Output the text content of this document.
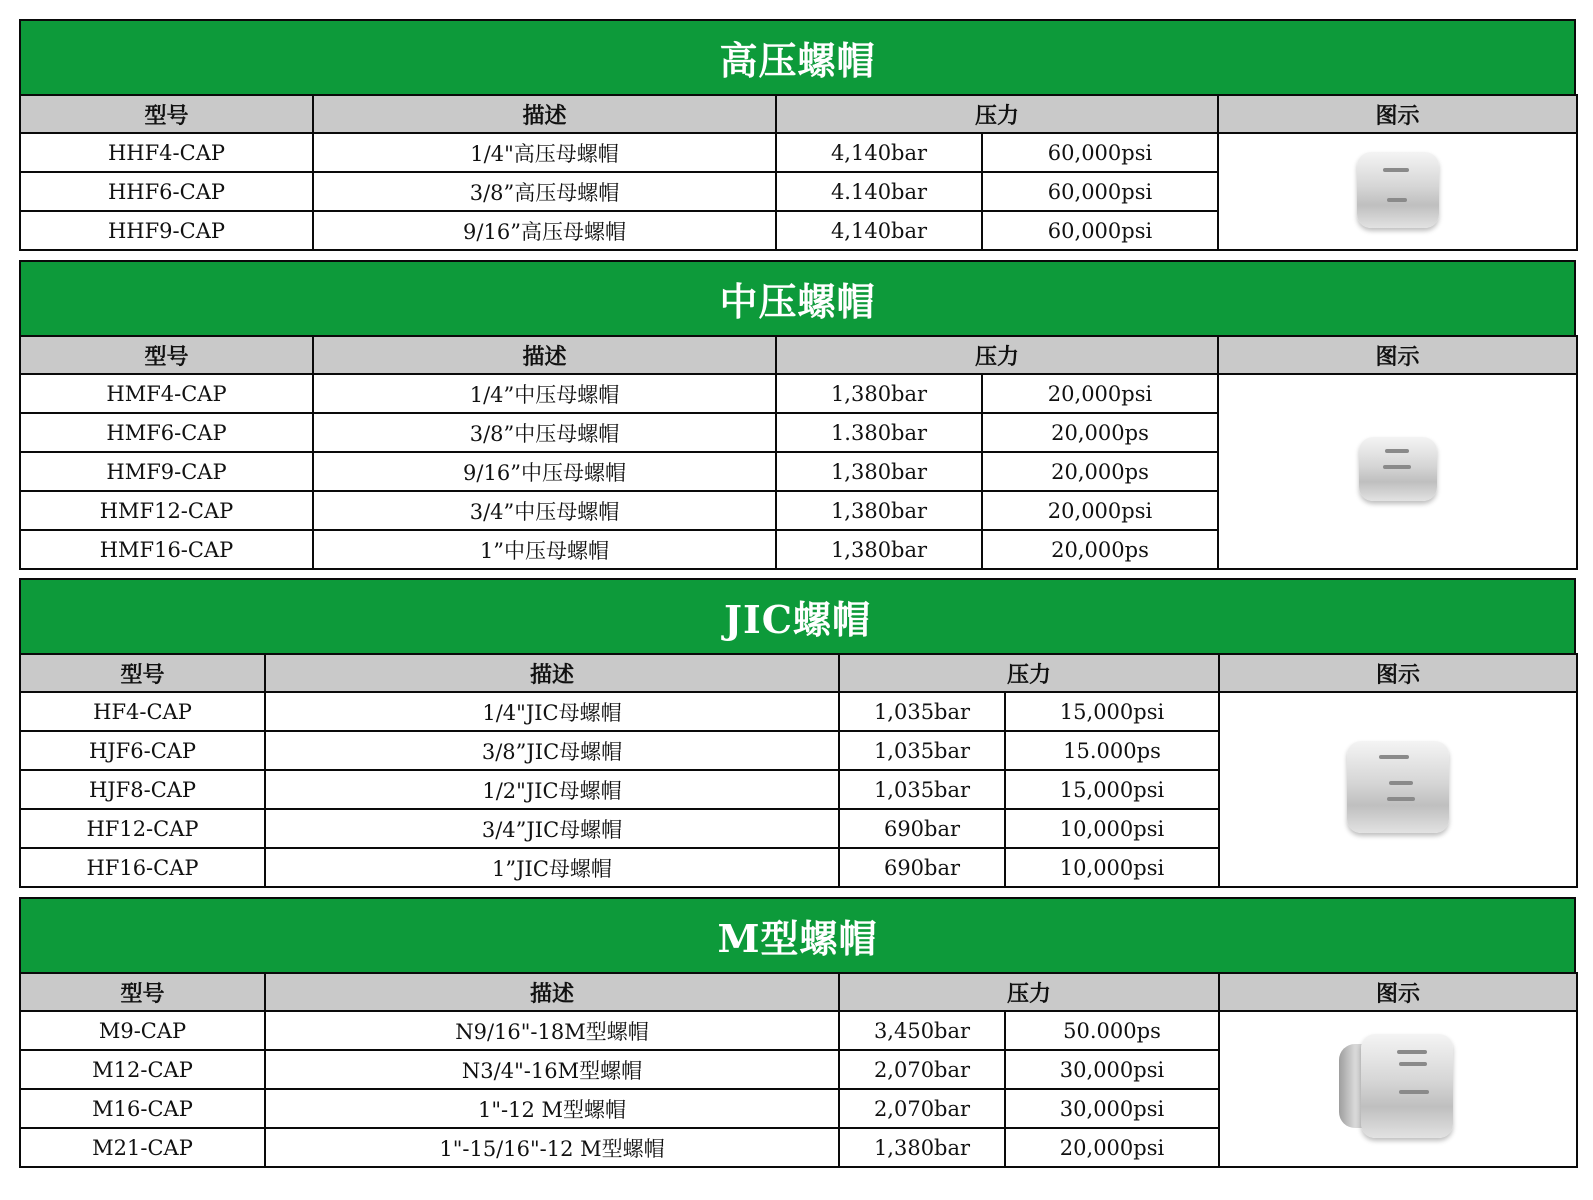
高压螺帽
型号	描述	压力		图示
HHF4-CAP	1/4"高压母螺帽	4,140bar	60,000psi	

HHF6-CAP	3/8”高压母螺帽	4.140bar	60,000psi	
HHF9-CAP	9/16”高压母螺帽	4,140bar	60,000psi	
中压螺帽
型号	描述	压力		图示
HMF4-CAP	1/4”中压母螺帽	1,380bar	20,000psi	

HMF6-CAP	3/8”中压母螺帽	1.380bar	20,000ps	
HMF9-CAP	9/16”中压母螺帽	1,380bar	20,000ps	
HMF12-CAP	3/4”中压母螺帽	1,380bar	20,000psi	
HMF16-CAP	1”中压母螺帽	1,380bar	20,000ps	
JIC螺帽
型号	描述	压力		图示
HF4-CAP	1/4"JIC母螺帽	1,035bar	15,000psi	

HJF6-CAP	3/8”JIC母螺帽	1,035bar	15.000ps	
HJF8-CAP	1/2"JIC母螺帽	1,035bar	15,000psi	
HF12-CAP	3/4”JIC母螺帽	690bar	10,000psi	
HF16-CAP	1”JIC母螺帽	690bar	10,000psi	
M型螺帽
型号	描述	压力		图示
M9-CAP	N9/16"-18M型螺帽	3,450bar	50.000ps	

M12-CAP	N3/4"-16M型螺帽	2,070bar	30,000psi	
M16-CAP	1"-12 M型螺帽	2,070bar	30,000psi	
M21-CAP	1"-15/16"-12 M型螺帽	1,380bar	20,000psi	
